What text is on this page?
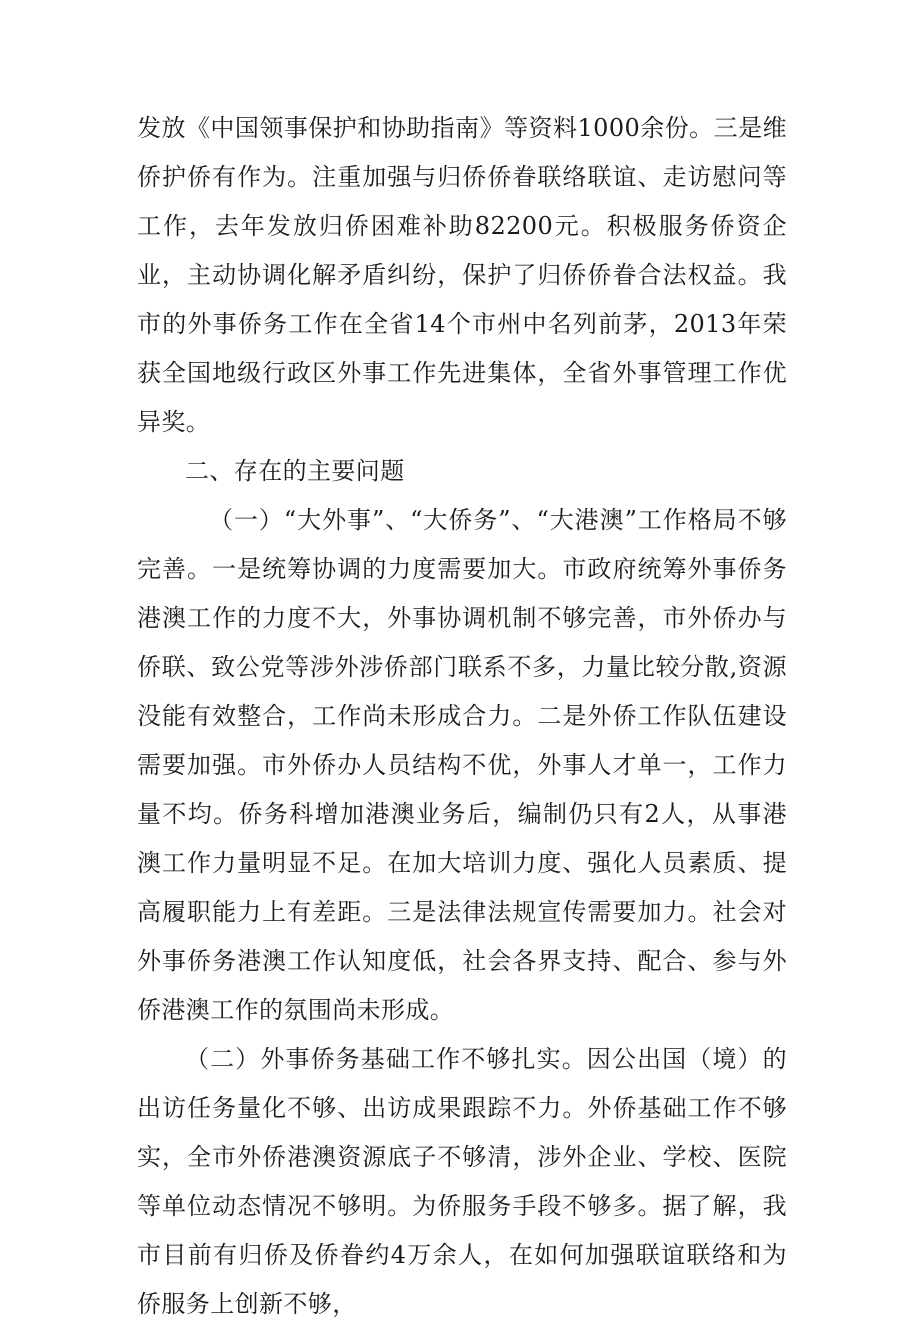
发放《中国领事保护和协助指南》等资料1000余份。三是维侨护侨有作为。注重加强与归侨侨眷联络联谊、走访慰问等工作，去年发放归侨困难补助82200元。积极服务侨资企业，主动协调化解矛盾纠纷，保护了归侨侨眷合法权益。我市的外事侨务工作在全省14个市州中名列前茅，2013年荣获全国地级行政区外事工作先进集体，全省外事管理工作优异奖。

二、存在的主要问题

（一）“大外事”、“大侨务”、“大港澳”工作格局不够完善。一是统筹协调的力度需要加大。市政府统筹外事侨务港澳工作的力度不大，外事协调机制不够完善，市外侨办与侨联、致公党等涉外涉侨部门联系不多，力量比较分散,资源没能有效整合，工作尚未形成合力。二是外侨工作队伍建设需要加强。市外侨办人员结构不优，外事人才单一，工作力量不均。侨务科增加港澳业务后，编制仍只有2人，从事港澳工作力量明显不足。在加大培训力度、强化人员素质、提高履职能力上有差距。三是法律法规宣传需要加力。社会对外事侨务港澳工作认知度低，社会各界支持、配合、参与外侨港澳工作的氛围尚未形成。

（二）外事侨务基础工作不够扎实。因公出国（境）的出访任务量化不够、出访成果跟踪不力。外侨基础工作不够实，全市外侨港澳资源底子不够清，涉外企业、学校、医院等单位动态情况不够明。为侨服务手段不够多。据了解，我市目前有归侨及侨眷约4万余人，在如何加强联谊联络和为侨服务上创新不够，
